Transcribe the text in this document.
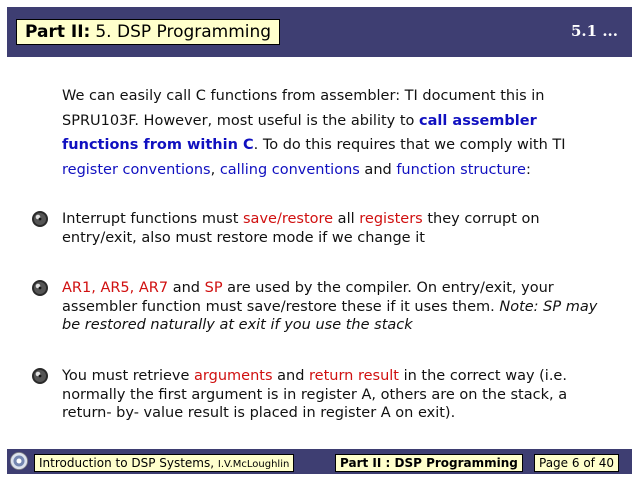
Part II: 5. DSP Programming	5.1 ...
We can easily call C functions from assembler: TI document this in SPRU103F. However, most useful is the ability to call assembler functions from within C. To do this requires that we comply with TI register conventions, calling conventions and function structure:
Interrupt functions must save/restore all registers they corrupt on entry/exit, also must restore mode if we change it
AR1, AR5, AR7 and SP are used by the compiler. On entry/exit, your assembler function must save/restore these if it uses them. Note: SP may be restored naturally at exit if you use the stack
You must retrieve arguments and return result in the correct way (i.e. normally the first argument is in register A, others are on the stack, a return- by- value result is placed in register A on exit).
Introduction to DSP Systems, I.V.McLoughlin	Part II : DSP Programming	Page 6 of 40
